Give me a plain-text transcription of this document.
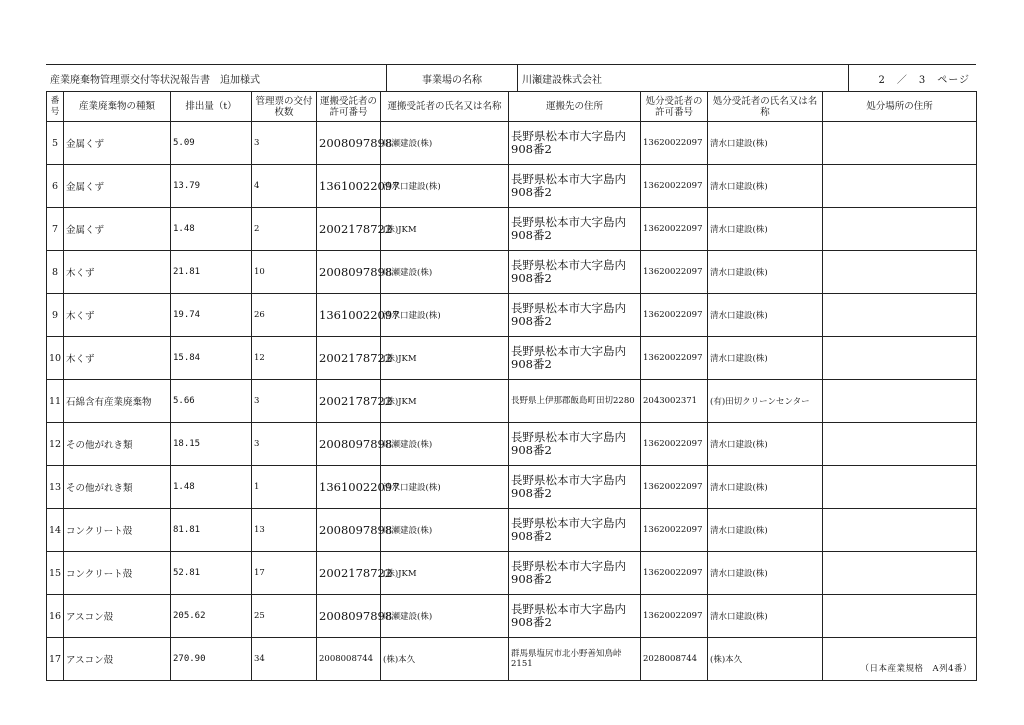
産業廃棄物管理票交付等状況報告書　追加様式	事業場の名称	川瀬建設株式会社	2　／　3　ページ
番号	産業廃棄物の種類	排出量（t）	管理票の交付枚数	運搬受託者の許可番号	運搬受託者の氏名又は名称	運搬先の住所	処分受託者の許可番号	処分受託者の氏名又は名称	処分場所の住所
5	金属くず	5.09	3	2008097898	川瀬建設(株)	長野県松本市大字島内908番2	13620022097	清水口建設(株)	
6	金属くず	13.79	4	13610022097	清水口建設(株)	長野県松本市大字島内908番2	13620022097	清水口建設(株)	
7	金属くず	1.48	2	2002178722	(株)JKM	長野県松本市大字島内908番2	13620022097	清水口建設(株)	
8	木くず	21.81	10	2008097898	川瀬建設(株)	長野県松本市大字島内908番2	13620022097	清水口建設(株)	
9	木くず	19.74	26	13610022097	清水口建設(株)	長野県松本市大字島内908番2	13620022097	清水口建設(株)	
10	木くず	15.84	12	2002178722	(株)JKM	長野県松本市大字島内908番2	13620022097	清水口建設(株)	
11	石綿含有産業廃棄物	5.66	3	2002178722	(株)JKM	長野県上伊那郡飯島町田切2280	2043002371	(有)田切クリーンセンター	
12	その他がれき類	18.15	3	2008097898	川瀬建設(株)	長野県松本市大字島内908番2	13620022097	清水口建設(株)	
13	その他がれき類	1.48	1	13610022097	清水口建設(株)	長野県松本市大字島内908番2	13620022097	清水口建設(株)	
14	コンクリート殻	81.81	13	2008097898	川瀬建設(株)	長野県松本市大字島内908番2	13620022097	清水口建設(株)	
15	コンクリート殻	52.81	17	2002178722	(株)JKM	長野県松本市大字島内908番2	13620022097	清水口建設(株)	
16	アスコン殻	205.62	25	2008097898	川瀬建設(株)	長野県松本市大字島内908番2	13620022097	清水口建設(株)	
17	アスコン殻	270.90	34	2008008744	(株)本久	群馬県塩尻市北小野善知鳥峠2151	2028008744	(株)本久	
（日本産業規格　A列4番）
